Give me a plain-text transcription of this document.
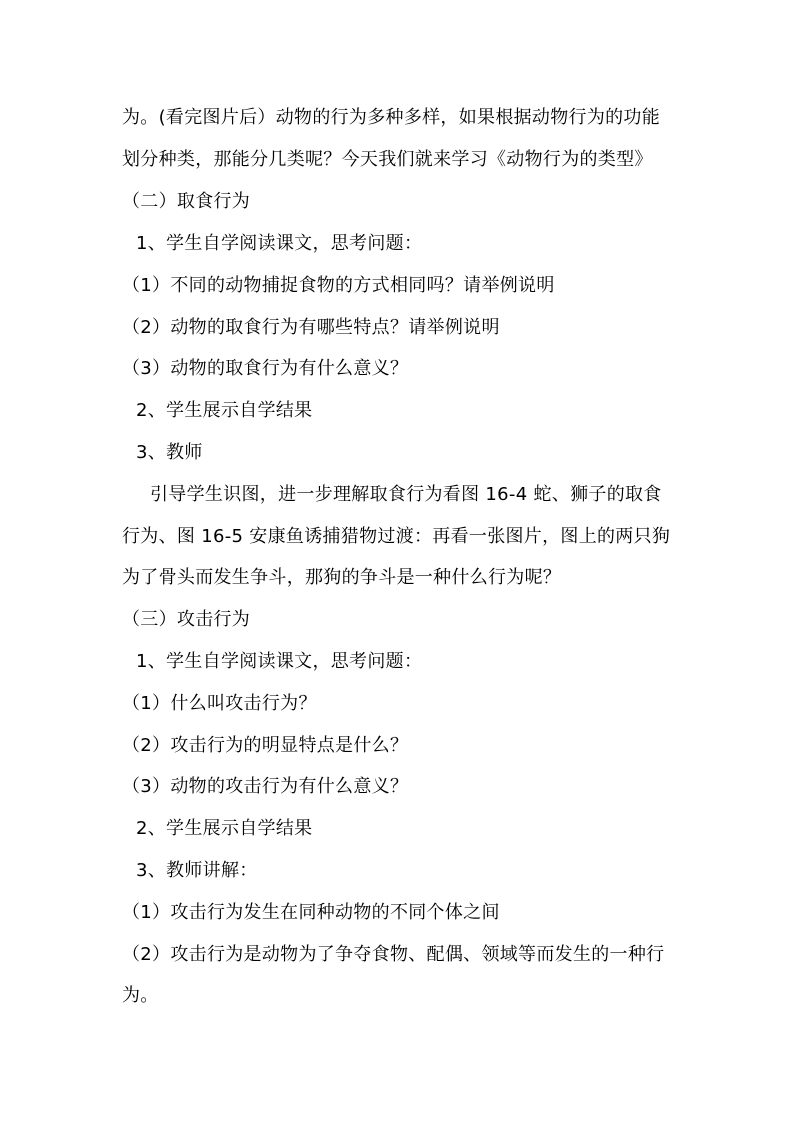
为。(看完图片后）动物的行为多种多样，如果根据动物行为的功能
划分种类，那能分几类呢？今天我们就来学习《动物行为的类型》
（二）取食行为
1、学生自学阅读课文，思考问题：
（1）不同的动物捕捉食物的方式相同吗？请举例说明
（2）动物的取食行为有哪些特点？请举例说明
（3）动物的取食行为有什么意义？
2、学生展示自学结果
3、教师
引导学生识图，进一步理解取食行为看图 16-4 蛇、狮子的取食
行为、图 16-5 安康鱼诱捕猎物过渡：再看一张图片，图上的两只狗
为了骨头而发生争斗，那狗的争斗是一种什么行为呢？
（三）攻击行为
1、学生自学阅读课文，思考问题：
（1）什么叫攻击行为？
（2）攻击行为的明显特点是什么？
（3）动物的攻击行为有什么意义？
2、学生展示自学结果
3、教师讲解：
（1）攻击行为发生在同种动物的不同个体之间
（2）攻击行为是动物为了争夺食物、配偶、领域等而发生的一种行
为。
